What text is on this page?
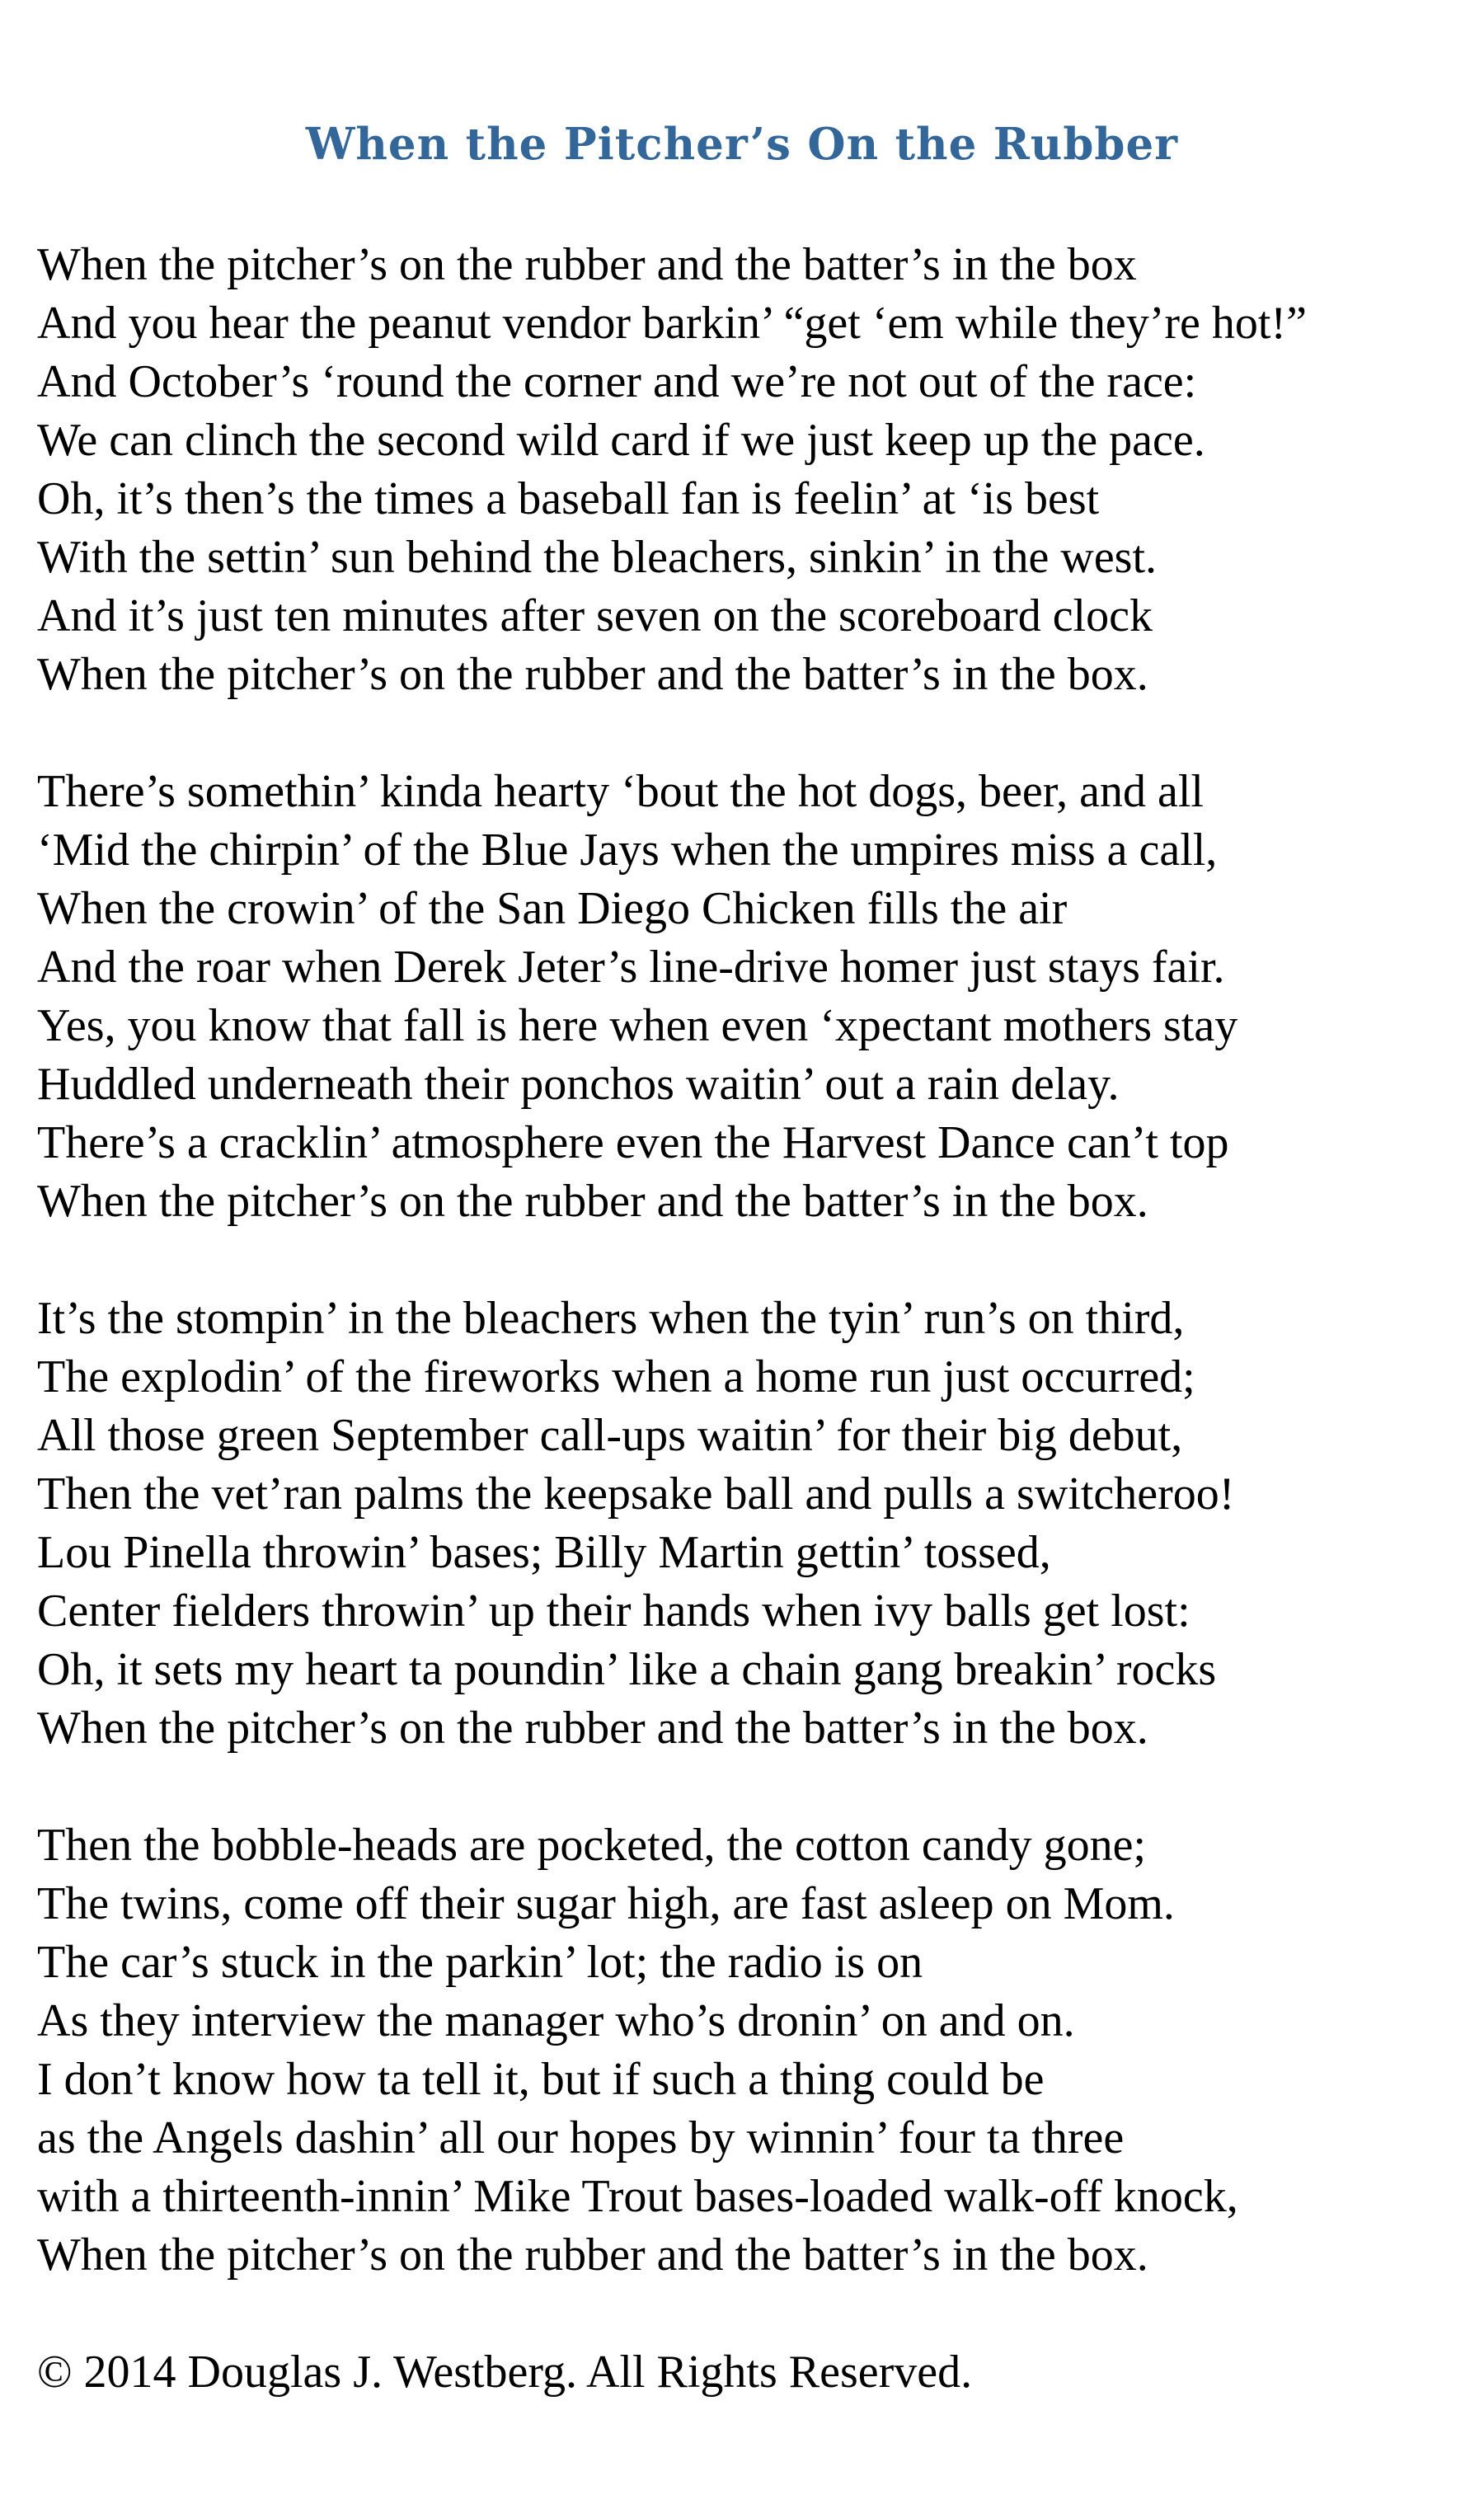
When the Pitcher’s On the Rubber
When the pitcher’s on the rubber and the batter’s in the box
And you hear the peanut vendor barkin’ “get ‘em while they’re hot!”
And October’s ‘round the corner and we’re not out of the race:
We can clinch the second wild card if we just keep up the pace.
Oh, it’s then’s the times a baseball fan is feelin’ at ‘is best
With the settin’ sun behind the bleachers, sinkin’ in the west.
And it’s just ten minutes after seven on the scoreboard clock
When the pitcher’s on the rubber and the batter’s in the box.
There’s somethin’ kinda hearty ‘bout the hot dogs, beer, and all
‘Mid the chirpin’ of the Blue Jays when the umpires miss a call,
When the crowin’ of the San Diego Chicken fills the air
And the roar when Derek Jeter’s line-drive homer just stays fair.
Yes, you know that fall is here when even ‘xpectant mothers stay
Huddled underneath their ponchos waitin’ out a rain delay.
There’s a cracklin’ atmosphere even the Harvest Dance can’t top
When the pitcher’s on the rubber and the batter’s in the box.
It’s the stompin’ in the bleachers when the tyin’ run’s on third,
The explodin’ of the fireworks when a home run just occurred;
All those green September call-ups waitin’ for their big debut,
Then the vet’ran palms the keepsake ball and pulls a switcheroo!
Lou Pinella throwin’ bases; Billy Martin gettin’ tossed,
Center fielders throwin’ up their hands when ivy balls get lost:
Oh, it sets my heart ta poundin’ like a chain gang breakin’ rocks
When the pitcher’s on the rubber and the batter’s in the box.
Then the bobble-heads are pocketed, the cotton candy gone;
The twins, come off their sugar high, are fast asleep on Mom.
The car’s stuck in the parkin’ lot; the radio is on
As they interview the manager who’s dronin’ on and on.
I don’t know how ta tell it, but if such a thing could be
as the Angels dashin’ all our hopes by winnin’ four ta three
with a thirteenth-innin’ Mike Trout bases-loaded walk-off knock,
When the pitcher’s on the rubber and the batter’s in the box.
© 2014 Douglas J. Westberg. All Rights Reserved.
